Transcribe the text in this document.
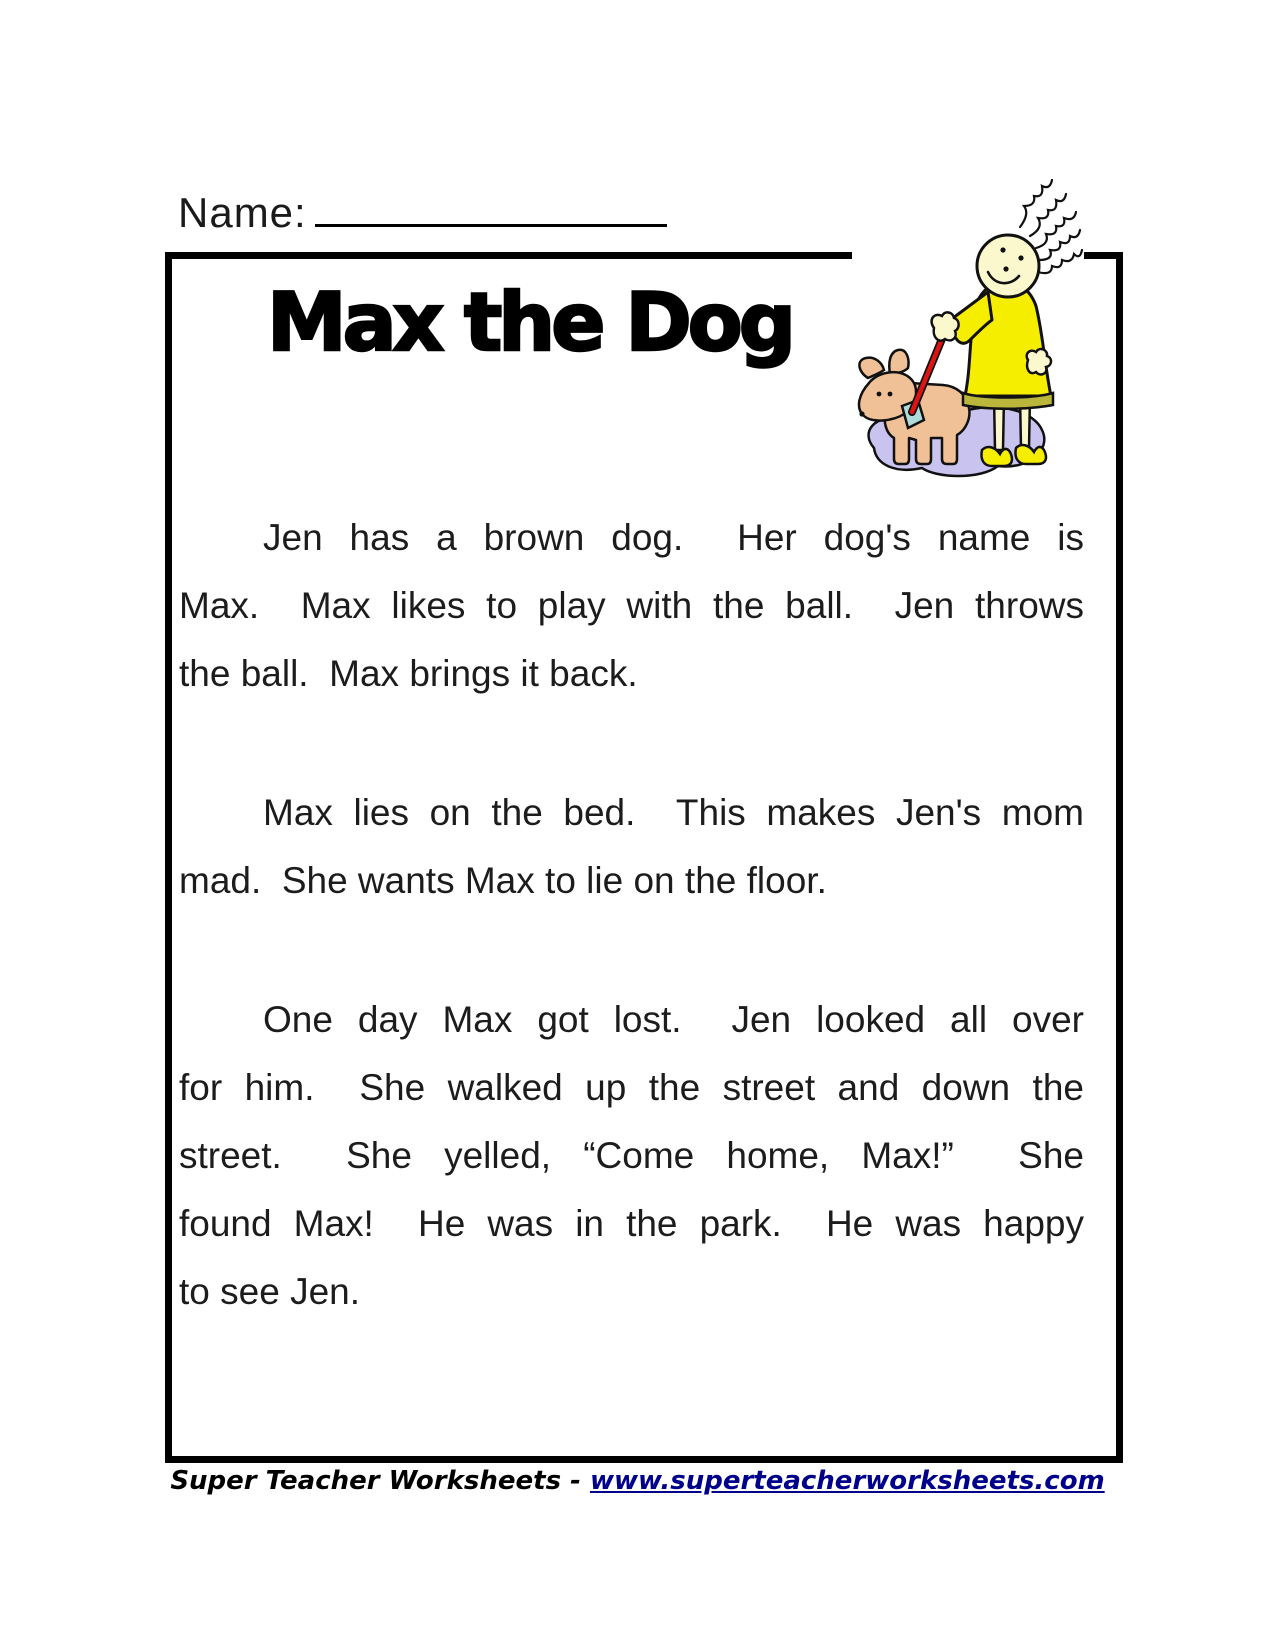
Name:
Max the Dog
Jen has a brown dog.  Her dog's name is
Max.  Max likes to play with the ball.  Jen throws
the ball.  Max brings it back.
Max lies on the bed.  This makes Jen's mom
mad.  She wants Max to lie on the floor.
One day Max got lost.  Jen looked all over
for him.  She walked up the street and down the
street.  She yelled, “Come home, Max!”  She
found Max!  He was in the park.  He was happy
to see Jen.
Super Teacher Worksheets - www.superteacherworksheets.com
